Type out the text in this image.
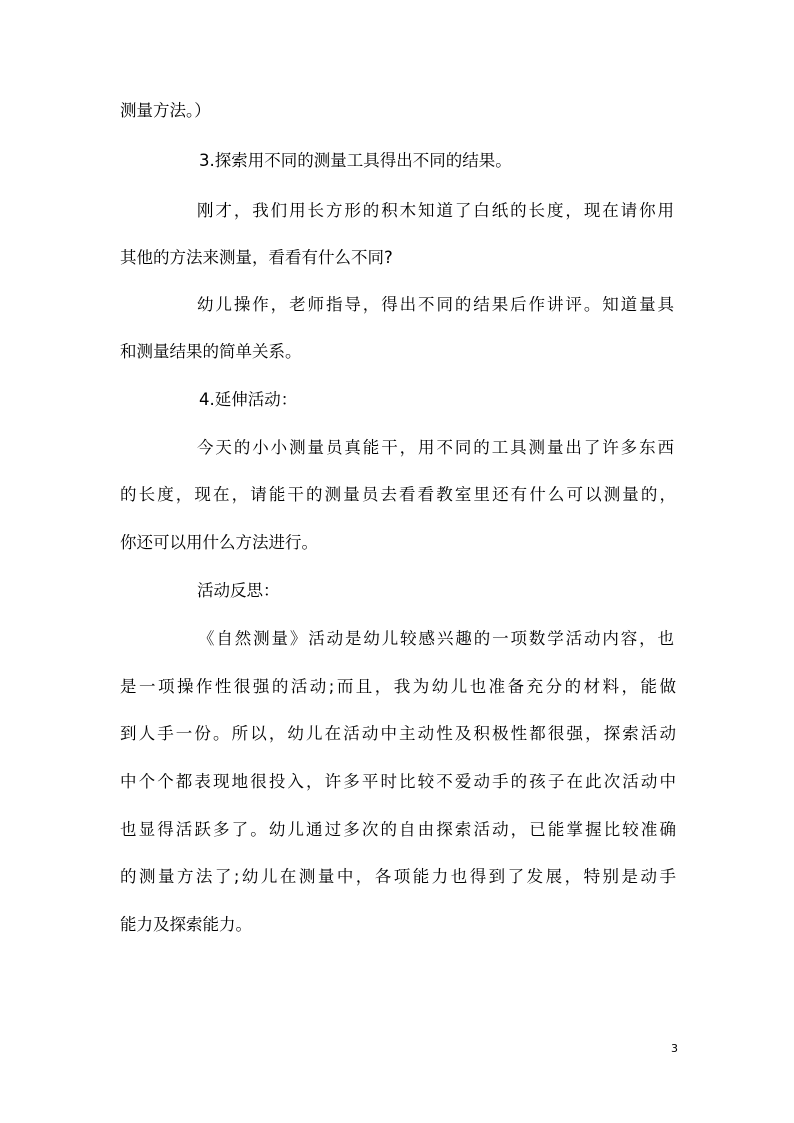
测量方法。）
3.探索用不同的测量工具得出不同的结果。
刚才，我们用长方形的积木知道了白纸的长度，现在请你用
其他的方法来测量，看看有什么不同?
幼儿操作，老师指导，得出不同的结果后作讲评。知道量具
和测量结果的简单关系。
4.延伸活动：
今天的小小测量员真能干，用不同的工具测量出了许多东西
的长度，现在，请能干的测量员去看看教室里还有什么可以测量的，
你还可以用什么方法进行。
活动反思：
《自然测量》活动是幼儿较感兴趣的一项数学活动内容，也
是一项操作性很强的活动;而且，我为幼儿也准备充分的材料，能做
到人手一份。所以，幼儿在活动中主动性及积极性都很强，探索活动
中个个都表现地很投入，许多平时比较不爱动手的孩子在此次活动中
也显得活跃多了。幼儿通过多次的自由探索活动，已能掌握比较准确
的测量方法了;幼儿在测量中，各项能力也得到了发展，特别是动手
能力及探索能力。
3
